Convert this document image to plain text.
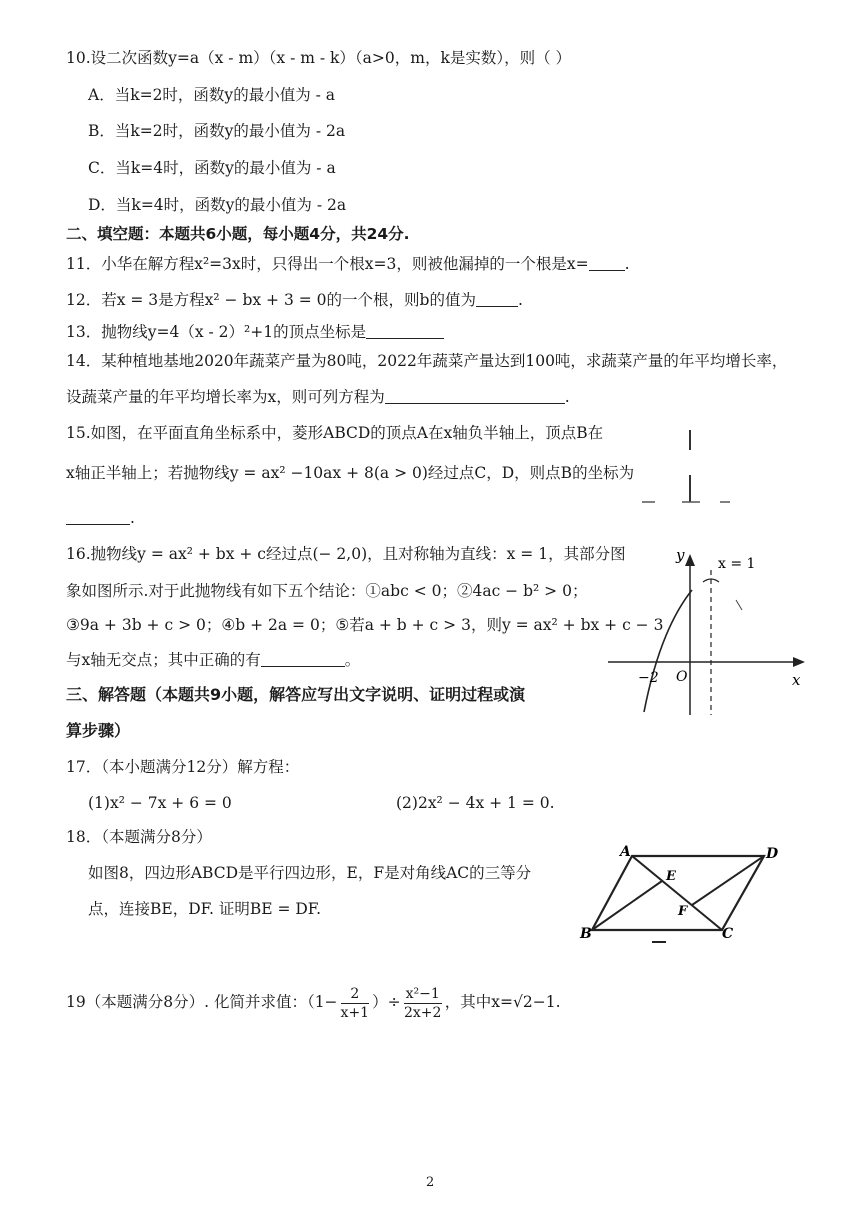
10.设二次函数y=a（x - m）（x - m - k）（a>0，m，k是实数），则（ ）
A．当k=2时，函数y的最小值为 - a
B．当k=2时，函数y的最小值为 - 2a
C．当k=4时，函数y的最小值为 - a
D．当k=4时，函数y的最小值为 - 2a
二、填空题：本题共6小题，每小题4分，共24分.
11．小华在解方程x²=3x时，只得出一个根x=3，则被他漏掉的一个根是x= .
12．若x = 3是方程x² − bx + 3 = 0的一个根，则b的值为	.
13．抛物线y=4（x - 2）²+1的顶点坐标是
14．某种植地基地2020年蔬菜产量为80吨，2022年蔬菜产量达到100吨，求蔬菜产量的年平均增长率，
设蔬菜产量的年平均增长率为x，则可列方程为	.
15.如图，在平面直角坐标系中，菱形ABCD的顶点A在x轴负半轴上，顶点B在
x轴正半轴上；若抛物线y = ax² −10ax + 8(a > 0)经过点C，D，则点B的坐标为
.
16.抛物线y = ax² + bx + c经过点(− 2,0)，且对称轴为直线：x = 1，其部分图
象如图所示.对于此抛物线有如下五个结论：①abc < 0；②4ac − b² > 0；
③9a + 3b + c > 0；④b + 2a = 0；⑤若a + b + c > 3，则y = ax² + bx + c − 3
与x轴无交点；其中正确的有	。
y
x
x = 1
−2 O
三、解答题（本题共9小题，解答应写出文字说明、证明过程或演
算步骤）
17．（本小题满分12分）解方程：
(1)x² − 7x + 6 = 0	(2)2x² − 4x + 1 = 0.
18．（本题满分8分）
如图8，四边形ABCD是平行四边形，E，F是对角线AC的三等分
点，连接BE，DF. 证明BE = DF.
A	D
B	C
E
F
19（本题满分8分）. 化简并求值：（$1- \frac{2}{x+1}$ ）÷ $\frac{\text{x²−1}}{2x+2}$ ，其中x=√2−1.
2
